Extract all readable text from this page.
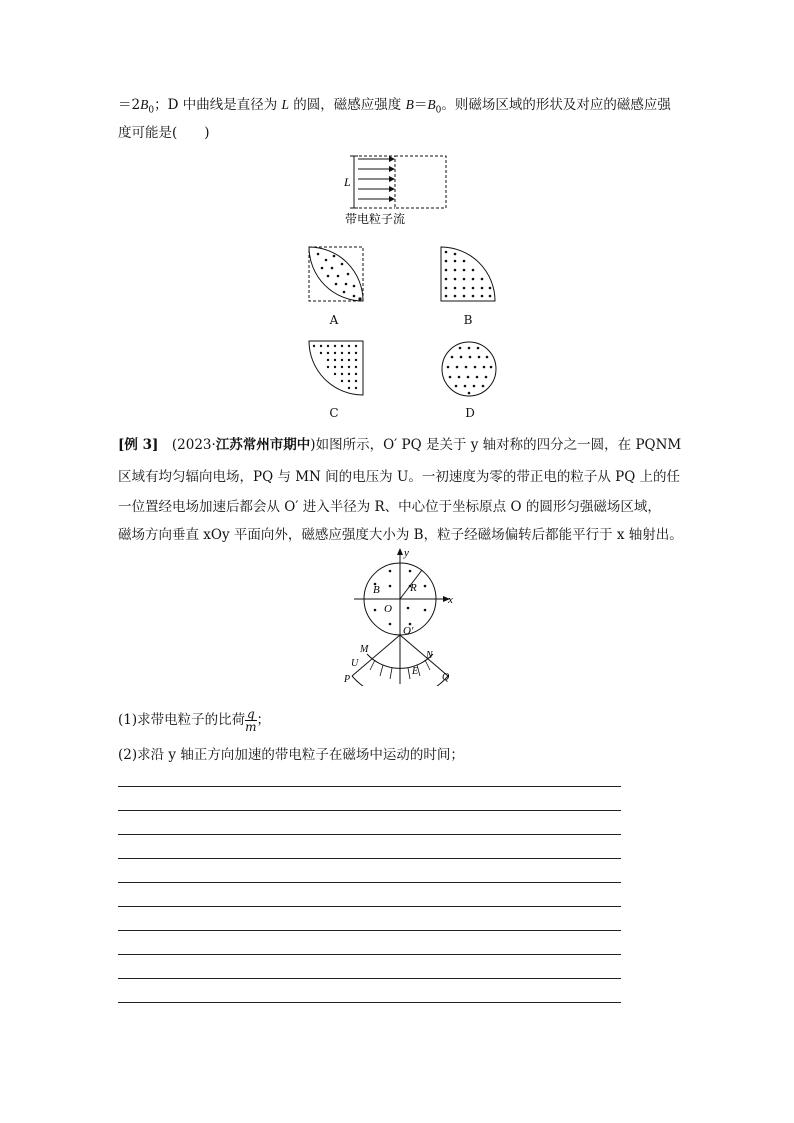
$=2B_0$；D 中曲线是直径为 L 的圆，磁感应强度 $B=B_0$。则磁场区域的形状及对应的磁感应强
度可能是(　　)
L
带电粒子流
A	B
C	D
[例 3]　(2023·江苏常州市期中)如图所示，O′ PQ 是关于 y 轴对称的四分之一圆，在 PQNM
区域有均匀辐向电场，PQ 与 MN 间的电压为 U。一初速度为零的带正电的粒子从 PQ 上的任
一位置经电场加速后都会从 O′ 进入半径为 R、中心位于坐标原点 O 的圆形匀强磁场区域，
磁场方向垂直 xOy 平面向外，磁感应强度大小为 B，粒子经磁场偏转后都能平行于 x 轴射出。
y
x
B	R
O
O′
M
N
U
E
P	Q
(1)求带电粒子的比荷 $\frac{q}{m}$ ；
(2)求沿 y 轴正方向加速的带电粒子在磁场中运动的时间；
